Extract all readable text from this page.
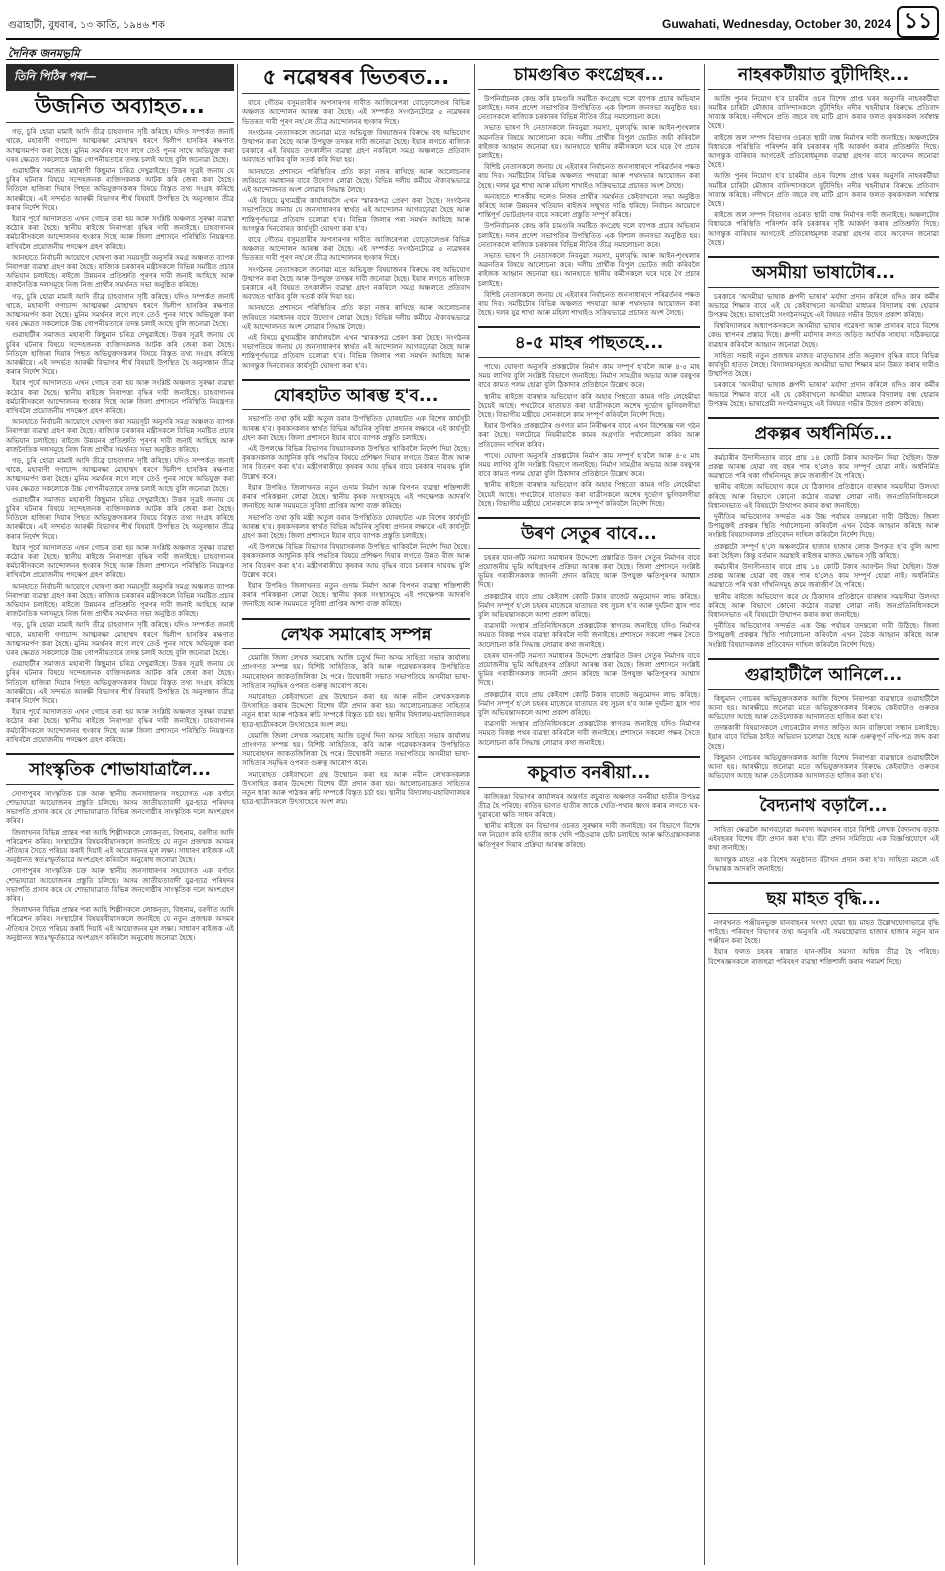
গুৱাহাটী, বুধবাৰ, ১৩ কাতি, ১৯৪৬ শক	Guwahati, Wednesday, October 30, 2024 ১১
দৈনিক জনমভূমি
তিনি পিঠিৰ পৰা—
উজনিত অব্যাহত...

গড়, চুৰি হোৱা মামাই আদি তীব্ৰ চাহবাগান সৃষ্টি কৰিছে। যদিও সম্পৰ্কত জনাই থাকে, মহাৰাণী গণাচান্দ আত্মৰক্ষা মোহাম্মদ ধৰণে দ্বিলীপ হাসকিৰ ৰক্ষণাত আত্মসমৰ্পণ কৰা হৈছে। মুনিম সমৰ্থনৰ লগে লগে তেওঁ পুনৰ সাথে অভিযুক্ত কৰা ঘৰৰ ক্ষেত্ৰত সকলোকে উচ্চ গোপনীয়তাৰে তদন্ত চলাই আছে বুলি জনোৱা হৈছে।

গুৱাহাটীৰ সমাজত মহাৰাণী কিছুমান চৰিত্ৰ দেখুৱাইছে। উত্তৰ সূত্ৰই জনায় যে চুৰিৰ ঘটনাৰ বিষয়ে সন্দেহজনক ব্যক্তিসকলক আটক কৰি জেৰা কৰা হৈছে। নিতিলে হাজিৰা দিয়াৰ পিছত অভিযুক্তসকলৰ বিষয়ে বিস্তৃত তথ্য সংগ্ৰহ কৰিছে আৰক্ষীয়ে। এই সন্দৰ্ভত আৰক্ষী বিভাগৰ শীৰ্ষ বিষয়াই উপস্থিত হৈ অনুসন্ধান তীব্ৰ কৰাৰ নিৰ্দেশ দিয়ে।

ইয়াৰ পূৰ্বে আদালতত এখন গোচৰ তৰা হয় আৰু সংশ্লিষ্ট অঞ্চলত সুৰক্ষা ব্যৱস্থা কঠোৰ কৰা হৈছে। স্থানীয় ৰাইজে নিৰাপত্তা বৃদ্ধিৰ দাবী জনাইছে। চাহবাগানৰ কৰ্মচাৰীসকলে আন্দোলনৰ হুংকাৰ দিছে আৰু জিলা প্ৰশাসনে পৰিস্থিতি নিয়ন্ত্ৰণত ৰাখিবলৈ প্ৰয়োজনীয় পদক্ষেপ গ্ৰহণ কৰিছে।

আনহাতে নিৰ্বাচনী আয়োগে ঘোষণা কৰা সময়সূচী অনুসৰি সমগ্ৰ অঞ্চলত ব্যাপক নিৰাপত্তা ব্যৱস্থা গ্ৰহণ কৰা হৈছে। ৰাজ্যিক চৰকাৰৰ মন্ত্ৰীসকলে বিভিন্ন সমষ্টিত প্ৰচাৰ অভিযান চলাইছে। ৰাইজে উন্নয়নৰ প্ৰতিশ্ৰুতি পূৰণৰ দাবী জনাই আহিছে আৰু ৰাজনৈতিক দলসমূহে নিজ নিজ প্ৰাৰ্থীৰ সমৰ্থনত সভা অনুষ্ঠিত কৰিছে।

গড়, চুৰি হোৱা মামাই আদি তীব্ৰ চাহবাগান সৃষ্টি কৰিছে। যদিও সম্পৰ্কত জনাই থাকে, মহাৰাণী গণাচান্দ আত্মৰক্ষা মোহাম্মদ ধৰণে দ্বিলীপ হাসকিৰ ৰক্ষণাত আত্মসমৰ্পণ কৰা হৈছে। মুনিম সমৰ্থনৰ লগে লগে তেওঁ পুনৰ সাথে অভিযুক্ত কৰা ঘৰৰ ক্ষেত্ৰত সকলোকে উচ্চ গোপনীয়তাৰে তদন্ত চলাই আছে বুলি জনোৱা হৈছে।

গুৱাহাটীৰ সমাজত মহাৰাণী কিছুমান চৰিত্ৰ দেখুৱাইছে। উত্তৰ সূত্ৰই জনায় যে চুৰিৰ ঘটনাৰ বিষয়ে সন্দেহজনক ব্যক্তিসকলক আটক কৰি জেৰা কৰা হৈছে। নিতিলে হাজিৰা দিয়াৰ পিছত অভিযুক্তসকলৰ বিষয়ে বিস্তৃত তথ্য সংগ্ৰহ কৰিছে আৰক্ষীয়ে। এই সন্দৰ্ভত আৰক্ষী বিভাগৰ শীৰ্ষ বিষয়াই উপস্থিত হৈ অনুসন্ধান তীব্ৰ কৰাৰ নিৰ্দেশ দিয়ে।

ইয়াৰ পূৰ্বে আদালতত এখন গোচৰ তৰা হয় আৰু সংশ্লিষ্ট অঞ্চলত সুৰক্ষা ব্যৱস্থা কঠোৰ কৰা হৈছে। স্থানীয় ৰাইজে নিৰাপত্তা বৃদ্ধিৰ দাবী জনাইছে। চাহবাগানৰ কৰ্মচাৰীসকলে আন্দোলনৰ হুংকাৰ দিছে আৰু জিলা প্ৰশাসনে পৰিস্থিতি নিয়ন্ত্ৰণত ৰাখিবলৈ প্ৰয়োজনীয় পদক্ষেপ গ্ৰহণ কৰিছে।

আনহাতে নিৰ্বাচনী আয়োগে ঘোষণা কৰা সময়সূচী অনুসৰি সমগ্ৰ অঞ্চলত ব্যাপক নিৰাপত্তা ব্যৱস্থা গ্ৰহণ কৰা হৈছে। ৰাজ্যিক চৰকাৰৰ মন্ত্ৰীসকলে বিভিন্ন সমষ্টিত প্ৰচাৰ অভিযান চলাইছে। ৰাইজে উন্নয়নৰ প্ৰতিশ্ৰুতি পূৰণৰ দাবী জনাই আহিছে আৰু ৰাজনৈতিক দলসমূহে নিজ নিজ প্ৰাৰ্থীৰ সমৰ্থনত সভা অনুষ্ঠিত কৰিছে।

গড়, চুৰি হোৱা মামাই আদি তীব্ৰ চাহবাগান সৃষ্টি কৰিছে। যদিও সম্পৰ্কত জনাই থাকে, মহাৰাণী গণাচান্দ আত্মৰক্ষা মোহাম্মদ ধৰণে দ্বিলীপ হাসকিৰ ৰক্ষণাত আত্মসমৰ্পণ কৰা হৈছে। মুনিম সমৰ্থনৰ লগে লগে তেওঁ পুনৰ সাথে অভিযুক্ত কৰা ঘৰৰ ক্ষেত্ৰত সকলোকে উচ্চ গোপনীয়তাৰে তদন্ত চলাই আছে বুলি জনোৱা হৈছে।

গুৱাহাটীৰ সমাজত মহাৰাণী কিছুমান চৰিত্ৰ দেখুৱাইছে। উত্তৰ সূত্ৰই জনায় যে চুৰিৰ ঘটনাৰ বিষয়ে সন্দেহজনক ব্যক্তিসকলক আটক কৰি জেৰা কৰা হৈছে। নিতিলে হাজিৰা দিয়াৰ পিছত অভিযুক্তসকলৰ বিষয়ে বিস্তৃত তথ্য সংগ্ৰহ কৰিছে আৰক্ষীয়ে। এই সন্দৰ্ভত আৰক্ষী বিভাগৰ শীৰ্ষ বিষয়াই উপস্থিত হৈ অনুসন্ধান তীব্ৰ কৰাৰ নিৰ্দেশ দিয়ে।

ইয়াৰ পূৰ্বে আদালতত এখন গোচৰ তৰা হয় আৰু সংশ্লিষ্ট অঞ্চলত সুৰক্ষা ব্যৱস্থা কঠোৰ কৰা হৈছে। স্থানীয় ৰাইজে নিৰাপত্তা বৃদ্ধিৰ দাবী জনাইছে। চাহবাগানৰ কৰ্মচাৰীসকলে আন্দোলনৰ হুংকাৰ দিছে আৰু জিলা প্ৰশাসনে পৰিস্থিতি নিয়ন্ত্ৰণত ৰাখিবলৈ প্ৰয়োজনীয় পদক্ষেপ গ্ৰহণ কৰিছে।

আনহাতে নিৰ্বাচনী আয়োগে ঘোষণা কৰা সময়সূচী অনুসৰি সমগ্ৰ অঞ্চলত ব্যাপক নিৰাপত্তা ব্যৱস্থা গ্ৰহণ কৰা হৈছে। ৰাজ্যিক চৰকাৰৰ মন্ত্ৰীসকলে বিভিন্ন সমষ্টিত প্ৰচাৰ অভিযান চলাইছে। ৰাইজে উন্নয়নৰ প্ৰতিশ্ৰুতি পূৰণৰ দাবী জনাই আহিছে আৰু ৰাজনৈতিক দলসমূহে নিজ নিজ প্ৰাৰ্থীৰ সমৰ্থনত সভা অনুষ্ঠিত কৰিছে।

গড়, চুৰি হোৱা মামাই আদি তীব্ৰ চাহবাগান সৃষ্টি কৰিছে। যদিও সম্পৰ্কত জনাই থাকে, মহাৰাণী গণাচান্দ আত্মৰক্ষা মোহাম্মদ ধৰণে দ্বিলীপ হাসকিৰ ৰক্ষণাত আত্মসমৰ্পণ কৰা হৈছে। মুনিম সমৰ্থনৰ লগে লগে তেওঁ পুনৰ সাথে অভিযুক্ত কৰা ঘৰৰ ক্ষেত্ৰত সকলোকে উচ্চ গোপনীয়তাৰে তদন্ত চলাই আছে বুলি জনোৱা হৈছে।

গুৱাহাটীৰ সমাজত মহাৰাণী কিছুমান চৰিত্ৰ দেখুৱাইছে। উত্তৰ সূত্ৰই জনায় যে চুৰিৰ ঘটনাৰ বিষয়ে সন্দেহজনক ব্যক্তিসকলক আটক কৰি জেৰা কৰা হৈছে। নিতিলে হাজিৰা দিয়াৰ পিছত অভিযুক্তসকলৰ বিষয়ে বিস্তৃত তথ্য সংগ্ৰহ কৰিছে আৰক্ষীয়ে। এই সন্দৰ্ভত আৰক্ষী বিভাগৰ শীৰ্ষ বিষয়াই উপস্থিত হৈ অনুসন্ধান তীব্ৰ কৰাৰ নিৰ্দেশ দিয়ে।

ইয়াৰ পূৰ্বে আদালতত এখন গোচৰ তৰা হয় আৰু সংশ্লিষ্ট অঞ্চলত সুৰক্ষা ব্যৱস্থা কঠোৰ কৰা হৈছে। স্থানীয় ৰাইজে নিৰাপত্তা বৃদ্ধিৰ দাবী জনাইছে। চাহবাগানৰ কৰ্মচাৰীসকলে আন্দোলনৰ হুংকাৰ দিছে আৰু জিলা প্ৰশাসনে পৰিস্থিতি নিয়ন্ত্ৰণত ৰাখিবলৈ প্ৰয়োজনীয় পদক্ষেপ গ্ৰহণ কৰিছে।

সাংস্কৃতিক শোভাযাত্ৰালৈ...

সোণাপুৰৰ সাংস্কৃতিক চক্ৰ আৰু স্থানীয় জনসাধাৰণৰ সহযোগত এক বৰ্ণাঢ্য শোভাযাত্ৰা আয়োজনৰ প্ৰস্তুতি চলিছে। অসম জাতীয়তাবাদী যুৱ-ছাত্ৰ পৰিষদৰ সভাপতি প্ৰসাৰ কৰে যে শোভাযাত্ৰাত বিভিন্ন জনগোষ্ঠীৰ সাংস্কৃতিক দলে অংশগ্ৰহণ কৰিব।

জিলাখনৰ বিভিন্ন প্ৰান্তৰ পৰা আহি শিল্পীসকলে লোকনৃত্য, বিহুনাম, বৰগীত আদি পৰিৱেশন কৰিব। সংস্থাটোৰ বিষয়ববীয়াসকলে জনাইছে যে নতুন প্ৰজন্মক অসমৰ ঐতিহ্যৰ সৈতে পৰিচয় কৰাই দিয়াই এই আয়োজনৰ মূল লক্ষ্য। সাধাৰণ ৰাইজক এই অনুষ্ঠানত স্বতঃস্ফূৰ্তভাৱে অংশগ্ৰহণ কৰিবলৈ অনুৰোধ জনোৱা হৈছে।

সোণাপুৰৰ সাংস্কৃতিক চক্ৰ আৰু স্থানীয় জনসাধাৰণৰ সহযোগত এক বৰ্ণাঢ্য শোভাযাত্ৰা আয়োজনৰ প্ৰস্তুতি চলিছে। অসম জাতীয়তাবাদী যুৱ-ছাত্ৰ পৰিষদৰ সভাপতি প্ৰসাৰ কৰে যে শোভাযাত্ৰাত বিভিন্ন জনগোষ্ঠীৰ সাংস্কৃতিক দলে অংশগ্ৰহণ কৰিব।

জিলাখনৰ বিভিন্ন প্ৰান্তৰ পৰা আহি শিল্পীসকলে লোকনৃত্য, বিহুনাম, বৰগীত আদি পৰিৱেশন কৰিব। সংস্থাটোৰ বিষয়ববীয়াসকলে জনাইছে যে নতুন প্ৰজন্মক অসমৰ ঐতিহ্যৰ সৈতে পৰিচয় কৰাই দিয়াই এই আয়োজনৰ মূল লক্ষ্য। সাধাৰণ ৰাইজক এই অনুষ্ঠানত স্বতঃস্ফূৰ্তভাৱে অংশগ্ৰহণ কৰিবলৈ অনুৰোধ জনোৱা হৈছে।

৫ নৱেম্বৰৰ ভিতৰত...

বাবে গৌতম বসুমতাৰীৰ অপসাৰণৰ দাবীত আজিৰেপৰা বোড়োলেণ্ডৰ বিভিন্ন অঞ্চলত আন্দোলন আৰম্ভ কৰা হৈছে। এই সম্পৰ্কত সংগঠনটোৱে ৫ নৱেম্বৰৰ ভিতৰত দাবী পূৰণ নহ'লে তীব্ৰ আন্দোলনৰ হুংকাৰ দিছে।

সংগঠনৰ নেতাসকলে জনোৱা মতে অভিযুক্ত বিষয়াজনৰ বিৰুদ্ধে বহু অভিযোগ উত্থাপন কৰা হৈছে আৰু উপযুক্ত তদন্তৰ দাবী জনোৱা হৈছে। ইয়াৰ লগতে ৰাজ্যিক চৰকাৰে এই বিষয়ত তৎকালীন ব্যৱস্থা গ্ৰহণ নকৰিলে সমগ্ৰ অঞ্চলতে প্ৰতিবাদ অব্যাহত থাকিব বুলি সতৰ্ক কৰি দিয়া হয়।

আনহাতে প্ৰশাসনে পৰিস্থিতিৰ প্ৰতি কড়া নজৰ ৰাখিছে আৰু আলোচনাৰ জৰিয়তে সমাধানৰ বাবে উদ্যোগ লোৱা হৈছে। বিভিন্ন দলীয় কৰ্মীয়ে ঐক্যবদ্ধভাৱে এই আন্দোলনত অংশ লোৱাৰ সিদ্ধান্ত লৈছে।

এই বিষয়ে মুখ্যমন্ত্ৰীৰ কাৰ্যালয়লৈ এখন স্মাৰকপত্ৰ প্ৰেৰণ কৰা হৈছে। সংগঠনৰ সভাপতিয়ে জনায় যে জনসাধাৰণৰ স্বাৰ্থত এই আন্দোলন আগবঢ়োৱা হৈছে আৰু শান্তিপূৰ্ণভাৱে প্ৰতিবাদ চলোৱা হ'ব। বিভিন্ন জিলাৰ পৰা সমৰ্থন আহিছে আৰু আগন্তুক দিনবোৰত কাৰ্যসূচী ঘোষণা কৰা হ'ব।

বাবে গৌতম বসুমতাৰীৰ অপসাৰণৰ দাবীত আজিৰেপৰা বোড়োলেণ্ডৰ বিভিন্ন অঞ্চলত আন্দোলন আৰম্ভ কৰা হৈছে। এই সম্পৰ্কত সংগঠনটোৱে ৫ নৱেম্বৰৰ ভিতৰত দাবী পূৰণ নহ'লে তীব্ৰ আন্দোলনৰ হুংকাৰ দিছে।

সংগঠনৰ নেতাসকলে জনোৱা মতে অভিযুক্ত বিষয়াজনৰ বিৰুদ্ধে বহু অভিযোগ উত্থাপন কৰা হৈছে আৰু উপযুক্ত তদন্তৰ দাবী জনোৱা হৈছে। ইয়াৰ লগতে ৰাজ্যিক চৰকাৰে এই বিষয়ত তৎকালীন ব্যৱস্থা গ্ৰহণ নকৰিলে সমগ্ৰ অঞ্চলতে প্ৰতিবাদ অব্যাহত থাকিব বুলি সতৰ্ক কৰি দিয়া হয়।

আনহাতে প্ৰশাসনে পৰিস্থিতিৰ প্ৰতি কড়া নজৰ ৰাখিছে আৰু আলোচনাৰ জৰিয়তে সমাধানৰ বাবে উদ্যোগ লোৱা হৈছে। বিভিন্ন দলীয় কৰ্মীয়ে ঐক্যবদ্ধভাৱে এই আন্দোলনত অংশ লোৱাৰ সিদ্ধান্ত লৈছে।

এই বিষয়ে মুখ্যমন্ত্ৰীৰ কাৰ্যালয়লৈ এখন স্মাৰকপত্ৰ প্ৰেৰণ কৰা হৈছে। সংগঠনৰ সভাপতিয়ে জনায় যে জনসাধাৰণৰ স্বাৰ্থত এই আন্দোলন আগবঢ়োৱা হৈছে আৰু শান্তিপূৰ্ণভাৱে প্ৰতিবাদ চলোৱা হ'ব। বিভিন্ন জিলাৰ পৰা সমৰ্থন আহিছে আৰু আগন্তুক দিনবোৰত কাৰ্যসূচী ঘোষণা কৰা হ'ব।

যোৰহাটত আৰম্ভ হ'ব...

সভাপতি তথা কৃষি মন্ত্ৰী অতুল বৰাৰ উপস্থিতিত যোৰহাটত এক বিশেষ কাৰ্যসূচী আৰম্ভ হ'ব। কৃষকসকলৰ স্বাৰ্থত বিভিন্ন আঁচনিৰ সুবিধা প্ৰদানৰ লক্ষ্যৰে এই কাৰ্যসূচী গ্ৰহণ কৰা হৈছে। জিলা প্ৰশাসনে ইয়াৰ বাবে ব্যাপক প্ৰস্তুতি চলাইছে।

এই উপলক্ষে বিভিন্ন বিভাগৰ বিষয়াসকলক উপস্থিত থাকিবলৈ নিৰ্দেশ দিয়া হৈছে। কৃষকসকলক আধুনিক কৃষি পদ্ধতিৰ বিষয়ে প্ৰশিক্ষণ দিয়াৰ লগতে উন্নত বীজ আৰু সাৰ বিতৰণ কৰা হ'ব। মন্ত্ৰীগৰাকীয়ে কৃষকৰ আয় বৃদ্ধিৰ বাবে চৰকাৰ দায়বদ্ধ বুলি উল্লেখ কৰে।

ইয়াৰ উপৰিও জিলাখনত নতুন গুদাম নিৰ্মাণ আৰু বিপণন ব্যৱস্থা শক্তিশালী কৰাৰ পৰিকল্পনা লোৱা হৈছে। স্থানীয় কৃষক সংস্থাসমূহে এই পদক্ষেপক আদৰণি জনাইছে আৰু সময়মতে সুবিধা প্ৰাপ্তিৰ আশা ব্যক্ত কৰিছে।

সভাপতি তথা কৃষি মন্ত্ৰী অতুল বৰাৰ উপস্থিতিত যোৰহাটত এক বিশেষ কাৰ্যসূচী আৰম্ভ হ'ব। কৃষকসকলৰ স্বাৰ্থত বিভিন্ন আঁচনিৰ সুবিধা প্ৰদানৰ লক্ষ্যৰে এই কাৰ্যসূচী গ্ৰহণ কৰা হৈছে। জিলা প্ৰশাসনে ইয়াৰ বাবে ব্যাপক প্ৰস্তুতি চলাইছে।

এই উপলক্ষে বিভিন্ন বিভাগৰ বিষয়াসকলক উপস্থিত থাকিবলৈ নিৰ্দেশ দিয়া হৈছে। কৃষকসকলক আধুনিক কৃষি পদ্ধতিৰ বিষয়ে প্ৰশিক্ষণ দিয়াৰ লগতে উন্নত বীজ আৰু সাৰ বিতৰণ কৰা হ'ব। মন্ত্ৰীগৰাকীয়ে কৃষকৰ আয় বৃদ্ধিৰ বাবে চৰকাৰ দায়বদ্ধ বুলি উল্লেখ কৰে।

ইয়াৰ উপৰিও জিলাখনত নতুন গুদাম নিৰ্মাণ আৰু বিপণন ব্যৱস্থা শক্তিশালী কৰাৰ পৰিকল্পনা লোৱা হৈছে। স্থানীয় কৃষক সংস্থাসমূহে এই পদক্ষেপক আদৰণি জনাইছে আৰু সময়মতে সুবিধা প্ৰাপ্তিৰ আশা ব্যক্ত কৰিছে।

লেখক সমাৰোহ সম্পন্ন

যেমাজি জিলা লেখক সমাৰোহ আজি চতুৰ্থ দিনা অসম সাহিত্য সভাৰ কাৰ্যালয় প্ৰাংগণত সম্পন্ন হয়। বিশিষ্ট সাহিত্যিক, কবি আৰু গৱেষকসকলৰ উপস্থিতিত সমাৰোহখন জাকতজিলিকা হৈ পৰে। উদ্বোধনী সভাত সভাপতিয়ে অসমীয়া ভাষা-সাহিত্যৰ সমৃদ্ধিৰ ওপৰত গুৰুত্ব আৰোপ কৰে।

সমাৰোহত কেইবাখনো গ্ৰন্থ উন্মোচন কৰা হয় আৰু নবীন লেখকসকলক উৎসাহিত কৰাৰ উদ্দেশ্যে বিশেষ বঁটা প্ৰদান কৰা হয়। আলোচনাচক্ৰত সাহিত্যৰ নতুন ধাৰা আৰু পাঠকৰ ৰুচি সম্পৰ্কে বিস্তৃত চৰ্চা হয়। স্থানীয় বিদ্যালয়-মহাবিদ্যালয়ৰ ছাত্ৰ-ছাত্ৰীসকলে উৎসাহেৰে অংশ লয়।

যেমাজি জিলা লেখক সমাৰোহ আজি চতুৰ্থ দিনা অসম সাহিত্য সভাৰ কাৰ্যালয় প্ৰাংগণত সম্পন্ন হয়। বিশিষ্ট সাহিত্যিক, কবি আৰু গৱেষকসকলৰ উপস্থিতিত সমাৰোহখন জাকতজিলিকা হৈ পৰে। উদ্বোধনী সভাত সভাপতিয়ে অসমীয়া ভাষা-সাহিত্যৰ সমৃদ্ধিৰ ওপৰত গুৰুত্ব আৰোপ কৰে।

সমাৰোহত কেইবাখনো গ্ৰন্থ উন্মোচন কৰা হয় আৰু নবীন লেখকসকলক উৎসাহিত কৰাৰ উদ্দেশ্যে বিশেষ বঁটা প্ৰদান কৰা হয়। আলোচনাচক্ৰত সাহিত্যৰ নতুন ধাৰা আৰু পাঠকৰ ৰুচি সম্পৰ্কে বিস্তৃত চৰ্চা হয়। স্থানীয় বিদ্যালয়-মহাবিদ্যালয়ৰ ছাত্ৰ-ছাত্ৰীসকলে উৎসাহেৰে অংশ লয়।

চামগুৰিত কংগ্ৰেছৰ...

উপনিৰ্বাচনক কেন্দ্ৰ কৰি চামগুৰি সমষ্টিত কংগ্ৰেছ দলে ব্যাপক প্ৰচাৰ অভিযান চলাইছে। দলৰ প্ৰদেশ সভাপতিৰ উপস্থিতিত এক বিশাল জনসভা অনুষ্ঠিত হয়। নেতাসকলে ৰাজ্যিক চৰকাৰৰ বিভিন্ন নীতিৰ তীব্ৰ সমালোচনা কৰে।

সভাত ভাষণ দি নেতাসকলে নিবনুৱা সমস্যা, মূল্যবৃদ্ধি আৰু আইন-শৃংখলাৰ অৱনতিৰ বিষয়ে আলোচনা কৰে। দলীয় প্ৰাৰ্থীক বিপুল ভোটত জয়ী কৰিবলৈ ৰাইজক আহ্বান জনোৱা হয়। আনহাতে স্থানীয় কৰ্মীসকলে ঘৰে ঘৰে গৈ প্ৰচাৰ চলাইছে।

বিশিষ্ট নেতাসকলে জনায় যে এইবাৰৰ নিৰ্বাচনত জনসাধাৰণে পৰিৱৰ্তনৰ পক্ষত ৰায় দিব। সমষ্টিটোৰ বিভিন্ন অঞ্চলত পদযাত্ৰা আৰু পথসভাৰ আয়োজন কৰা হৈছে। দলৰ যুৱ শাখা আৰু মহিলা শাখাইও সক্ৰিয়ভাৱে প্ৰচাৰত অংশ লৈছে।

অন্যহাতে শাসকীয় দলেও নিজৰ প্ৰাৰ্থীৰ সমৰ্থনত কেইবাখনো সভা অনুষ্ঠিত কৰিছে আৰু উন্নয়নৰ খতিয়ান ৰাইজৰ সন্মুখত দাঙি ধৰিছে। নিৰ্বাচন আয়োগে শান্তিপূৰ্ণ ভোটগ্ৰহণৰ বাবে সকলো প্ৰস্তুতি সম্পূৰ্ণ কৰিছে।

উপনিৰ্বাচনক কেন্দ্ৰ কৰি চামগুৰি সমষ্টিত কংগ্ৰেছ দলে ব্যাপক প্ৰচাৰ অভিযান চলাইছে। দলৰ প্ৰদেশ সভাপতিৰ উপস্থিতিত এক বিশাল জনসভা অনুষ্ঠিত হয়। নেতাসকলে ৰাজ্যিক চৰকাৰৰ বিভিন্ন নীতিৰ তীব্ৰ সমালোচনা কৰে।

সভাত ভাষণ দি নেতাসকলে নিবনুৱা সমস্যা, মূল্যবৃদ্ধি আৰু আইন-শৃংখলাৰ অৱনতিৰ বিষয়ে আলোচনা কৰে। দলীয় প্ৰাৰ্থীক বিপুল ভোটত জয়ী কৰিবলৈ ৰাইজক আহ্বান জনোৱা হয়। আনহাতে স্থানীয় কৰ্মীসকলে ঘৰে ঘৰে গৈ প্ৰচাৰ চলাইছে।

বিশিষ্ট নেতাসকলে জনায় যে এইবাৰৰ নিৰ্বাচনত জনসাধাৰণে পৰিৱৰ্তনৰ পক্ষত ৰায় দিব। সমষ্টিটোৰ বিভিন্ন অঞ্চলত পদযাত্ৰা আৰু পথসভাৰ আয়োজন কৰা হৈছে। দলৰ যুৱ শাখা আৰু মহিলা শাখাইও সক্ৰিয়ভাৱে প্ৰচাৰত অংশ লৈছে।

৪-৫ মাহৰ পাছতহে...

পাথে। ঘোষণা অনুসৰি প্ৰকল্পটোৰ নিৰ্মাণ কাম সম্পূৰ্ণ হ'বলৈ আৰু ৪-৫ মাহ সময় লাগিব বুলি সংশ্লিষ্ট বিভাগে জনাইছে। নিৰ্মাণ সামগ্ৰীৰ অভাৱ আৰু বৰষুণৰ বাবে কামত পলম হোৱা বুলি ঠিকাদাৰ প্ৰতিষ্ঠানে উল্লেখ কৰে।

স্থানীয় ৰাইজে বাৰম্বাৰ অভিযোগ কৰি অহাৰ পিছতো কামৰ গতি লেহেমীয়া হৈয়েই আছে। পথটোৰে যাতায়ত কৰা যাত্ৰীসকলে অশেষ দুৰ্ভোগ ভুগিবলগীয়া হৈছে। বিভাগীয় মন্ত্ৰীয়ে সোনকালে কাম সম্পূৰ্ণ কৰিবলৈ নিৰ্দেশ দিছে।

ইয়াৰ উপৰিও প্ৰকল্পটোৰ গুণগত মান নিৰীক্ষণৰ বাবে এখন বিশেষজ্ঞ দল গঠন কৰা হৈছে। দলটোৱে নিয়মীয়াকৈ কামৰ অগ্ৰগতি পৰ্যালোচনা কৰিব আৰু প্ৰতিবেদন দাখিল কৰিব।

পাথে। ঘোষণা অনুসৰি প্ৰকল্পটোৰ নিৰ্মাণ কাম সম্পূৰ্ণ হ'বলৈ আৰু ৪-৫ মাহ সময় লাগিব বুলি সংশ্লিষ্ট বিভাগে জনাইছে। নিৰ্মাণ সামগ্ৰীৰ অভাৱ আৰু বৰষুণৰ বাবে কামত পলম হোৱা বুলি ঠিকাদাৰ প্ৰতিষ্ঠানে উল্লেখ কৰে।

স্থানীয় ৰাইজে বাৰম্বাৰ অভিযোগ কৰি অহাৰ পিছতো কামৰ গতি লেহেমীয়া হৈয়েই আছে। পথটোৰে যাতায়ত কৰা যাত্ৰীসকলে অশেষ দুৰ্ভোগ ভুগিবলগীয়া হৈছে। বিভাগীয় মন্ত্ৰীয়ে সোনকালে কাম সম্পূৰ্ণ কৰিবলৈ নিৰ্দেশ দিছে।

উৰণ সেতুৰ বাবে...

চহৰৰ যান-জঁট সমস্যা সমাধানৰ উদ্দেশ্যে প্ৰস্তাৱিত উৰণ সেতুৰ নিৰ্মাণৰ বাবে প্ৰয়োজনীয় ভূমি অধিগ্ৰহণৰ প্ৰক্ৰিয়া আৰম্ভ কৰা হৈছে। জিলা প্ৰশাসনে সংশ্লিষ্ট ভূমিৰ গৰাকীসকলক জাননী প্ৰদান কৰিছে আৰু উপযুক্ত ক্ষতিপূৰণৰ আশ্বাস দিছে।

প্ৰকল্পটোৰ বাবে প্ৰায় কেইবাশ কোটি টকাৰ বাজেট অনুমোদন লাভ কৰিছে। নিৰ্মাণ সম্পূৰ্ণ হ'লে চহৰৰ মাজেৰে যাতায়ত বহু সুচল হ'ব আৰু দুৰ্ঘটনা হ্ৰাস পাব বুলি অভিযন্তাসকলে আশা প্ৰকাশ কৰিছে।

ব্যৱসায়ী সংস্থাৰ প্ৰতিনিধিসকলে প্ৰকল্পটোক স্বাগতম জনাইছে যদিও নিৰ্মাণৰ সময়ত বিকল্প পথৰ ব্যৱস্থা কৰিবলৈ দাবী জনাইছে। প্ৰশাসনে সকলো পক্ষৰ সৈতে আলোচনা কৰি সিদ্ধান্ত লোৱাৰ কথা জনাইছে।

চহৰৰ যান-জঁট সমস্যা সমাধানৰ উদ্দেশ্যে প্ৰস্তাৱিত উৰণ সেতুৰ নিৰ্মাণৰ বাবে প্ৰয়োজনীয় ভূমি অধিগ্ৰহণৰ প্ৰক্ৰিয়া আৰম্ভ কৰা হৈছে। জিলা প্ৰশাসনে সংশ্লিষ্ট ভূমিৰ গৰাকীসকলক জাননী প্ৰদান কৰিছে আৰু উপযুক্ত ক্ষতিপূৰণৰ আশ্বাস দিছে।

প্ৰকল্পটোৰ বাবে প্ৰায় কেইবাশ কোটি টকাৰ বাজেট অনুমোদন লাভ কৰিছে। নিৰ্মাণ সম্পূৰ্ণ হ'লে চহৰৰ মাজেৰে যাতায়ত বহু সুচল হ'ব আৰু দুৰ্ঘটনা হ্ৰাস পাব বুলি অভিযন্তাসকলে আশা প্ৰকাশ কৰিছে।

ব্যৱসায়ী সংস্থাৰ প্ৰতিনিধিসকলে প্ৰকল্পটোক স্বাগতম জনাইছে যদিও নিৰ্মাণৰ সময়ত বিকল্প পথৰ ব্যৱস্থা কৰিবলৈ দাবী জনাইছে। প্ৰশাসনে সকলো পক্ষৰ সৈতে আলোচনা কৰি সিদ্ধান্ত লোৱাৰ কথা জনাইছে।

কচুবাত বনৰীয়া...

কাজিৰঙা বিভাগৰ কাৰ্যালয়ৰ অন্তৰ্গত কচুবাত অঞ্চলত বনৰীয়া হাতীৰ উপদ্ৰৱ তীব্ৰ হৈ পৰিছে। ৰাতিৰ ভাগত হাতীৰ জাকে খেতি-পথাৰ ধ্বংস কৰাৰ লগতে ঘৰ-দুৱাৰৰো ক্ষতি সাধন কৰিছে।

স্থানীয় ৰাইজে বন বিভাগৰ ওচৰত সুৰক্ষাৰ দাবী জনাইছে। বন বিভাগে বিশেষ দল নিয়োগ কৰি হাতীৰ জাক খেদি পঠিওৱাৰ চেষ্টা চলাইছে আৰু ক্ষতিগ্ৰস্তসকলক ক্ষতিপূৰণ দিয়াৰ প্ৰক্ৰিয়া আৰম্ভ কৰিছে।

নাহৰকটীয়াত বুঢ়ীদিহিং...

আজি পুনৰ নিয়োগ হ'ব চাৰমীৰ ওচৰ বিশেষ প্ৰাপ্ত ঘৰৰ অনুসৰি নাহৰকটীয়া সমষ্টিৰ চাৰিটা মৌজাৰ বাসিন্দাসকলে বুঢ়ীদিহিং নদীৰ খহনীয়াৰ বিৰুদ্ধে প্ৰতিবাদ সাব্যস্ত কৰিছে। নদীখনে প্ৰতি বছৰে বহু মাটি গ্ৰাস কৰাৰ ফলত কৃষকসকল সৰ্বস্বান্ত হৈছে।

ৰাইজে জল সম্পদ বিভাগৰ ওচৰত স্থায়ী বান্ধ নিৰ্মাণৰ দাবী জনাইছে। অঞ্চলটোৰ বিধায়কে পৰিস্থিতি পৰিদৰ্শন কৰি চৰকাৰৰ দৃষ্টি আকৰ্ষণ কৰাৰ প্ৰতিশ্ৰুতি দিছে। আগন্তুক বাৰিষাৰ আগতেই প্ৰতিৰোধমূলক ব্যৱস্থা গ্ৰহণৰ বাবে আবেদন জনোৱা হৈছে।

আজি পুনৰ নিয়োগ হ'ব চাৰমীৰ ওচৰ বিশেষ প্ৰাপ্ত ঘৰৰ অনুসৰি নাহৰকটীয়া সমষ্টিৰ চাৰিটা মৌজাৰ বাসিন্দাসকলে বুঢ়ীদিহিং নদীৰ খহনীয়াৰ বিৰুদ্ধে প্ৰতিবাদ সাব্যস্ত কৰিছে। নদীখনে প্ৰতি বছৰে বহু মাটি গ্ৰাস কৰাৰ ফলত কৃষকসকল সৰ্বস্বান্ত হৈছে।

ৰাইজে জল সম্পদ বিভাগৰ ওচৰত স্থায়ী বান্ধ নিৰ্মাণৰ দাবী জনাইছে। অঞ্চলটোৰ বিধায়কে পৰিস্থিতি পৰিদৰ্শন কৰি চৰকাৰৰ দৃষ্টি আকৰ্ষণ কৰাৰ প্ৰতিশ্ৰুতি দিছে। আগন্তুক বাৰিষাৰ আগতেই প্ৰতিৰোধমূলক ব্যৱস্থা গ্ৰহণৰ বাবে আবেদন জনোৱা হৈছে।

অসমীয়া ভাষাটোৰ...

চৰকাৰে 'অসমীয়া ভাষাক ধ্ৰুপদী ভাষাৰ' মৰ্যাদা প্ৰদান কৰিলে যদিও কাৰ কৰ্মীৰ অভাৱে শিক্ষাৰ বাবে এই যে কেইবাখনো অসমীয়া মাধ্যমৰ বিদ্যালয় বন্ধ হোৱাৰ উপক্ৰম হৈছে। ভাষাপ্ৰেমী সংগঠনসমূহে এই বিষয়ত গভীৰ উদ্বেগ প্ৰকাশ কৰিছে।

বিশ্ববিদ্যালয়ৰ অধ্যাপকসকলে অসমীয়া ভাষাৰ গৱেষণা আৰু প্ৰসাৰৰ বাবে বিশেষ কেন্দ্ৰ স্থাপনৰ প্ৰস্তাৱ দিছে। ধ্ৰুপদী মৰ্যাদাৰ লগত জড়িত আৰ্থিক সাহায্য সঠিকভাৱে ব্যৱহাৰ কৰিবলৈ আহ্বান জনোৱা হৈছে।

সাহিত্য সভাই নতুন প্ৰজন্মৰ মাজত মাতৃভাষাৰ প্ৰতি অনুৰাগ বৃদ্ধিৰ বাবে বিভিন্ন কাৰ্যসূচী হাতত লৈছে। বিদ্যালয়সমূহত অসমীয়া ভাষা শিক্ষাৰ মান উন্নত কৰাৰ দাবীও উত্থাপিত হৈছে।

চৰকাৰে 'অসমীয়া ভাষাক ধ্ৰুপদী ভাষাৰ' মৰ্যাদা প্ৰদান কৰিলে যদিও কাৰ কৰ্মীৰ অভাৱে শিক্ষাৰ বাবে এই যে কেইবাখনো অসমীয়া মাধ্যমৰ বিদ্যালয় বন্ধ হোৱাৰ উপক্ৰম হৈছে। ভাষাপ্ৰেমী সংগঠনসমূহে এই বিষয়ত গভীৰ উদ্বেগ প্ৰকাশ কৰিছে।

প্ৰকল্পৰ অৰ্ধনিৰ্মিত...

কৰ্মচাৰীৰ উদাসীনতাৰ বাবে প্ৰায় ১৪ কোটি টকাৰ আবণ্টন দিয়া হৈছিল। উক্ত প্ৰকল্প আৰম্ভ হোৱা বহু বছৰ পাৰ হ'লেও কাম সম্পূৰ্ণ হোৱা নাই। অৰ্ধনিৰ্মিত অৱস্থাতে পৰি থকা গাঁথনিসমূহ ক্ৰমে জৰাজীৰ্ণ হৈ পৰিছে।

স্থানীয় ৰাইজে অভিযোগ কৰে যে ঠিকাদাৰ প্ৰতিষ্ঠানে বাৰম্বাৰ সময়সীমা উলংঘা কৰিছে আৰু বিভাগে কোনো কঠোৰ ব্যৱস্থা লোৱা নাই। জনপ্ৰতিনিধিসকলে বিধানসভাত এই বিষয়টো উত্থাপন কৰাৰ কথা জনাইছে।

দুৰ্নীতিৰ অভিযোগৰ সন্দৰ্ভত এক উচ্চ পৰ্যায়ৰ তদন্তৰো দাবী উঠিছে। জিলা উপায়ুক্তই প্ৰকল্পৰ স্থিতি পৰ্যালোচনা কৰিবলৈ এখন বৈঠক আহ্বান কৰিছে আৰু সংশ্লিষ্ট বিষয়াসকলক প্ৰতিবেদন দাখিল কৰিবলৈ নিৰ্দেশ দিছে।

প্ৰকল্পটো সম্পূৰ্ণ হ'লে অঞ্চলটোৰ হাজাৰ হাজাৰ লোক উপকৃত হ'ব বুলি আশা কৰা হৈছিল। কিন্তু বৰ্তমান অৱস্থাই ৰাইজৰ মাজত ক্ষোভৰ সৃষ্টি কৰিছে।

কৰ্মচাৰীৰ উদাসীনতাৰ বাবে প্ৰায় ১৪ কোটি টকাৰ আবণ্টন দিয়া হৈছিল। উক্ত প্ৰকল্প আৰম্ভ হোৱা বহু বছৰ পাৰ হ'লেও কাম সম্পূৰ্ণ হোৱা নাই। অৰ্ধনিৰ্মিত অৱস্থাতে পৰি থকা গাঁথনিসমূহ ক্ৰমে জৰাজীৰ্ণ হৈ পৰিছে।

স্থানীয় ৰাইজে অভিযোগ কৰে যে ঠিকাদাৰ প্ৰতিষ্ঠানে বাৰম্বাৰ সময়সীমা উলংঘা কৰিছে আৰু বিভাগে কোনো কঠোৰ ব্যৱস্থা লোৱা নাই। জনপ্ৰতিনিধিসকলে বিধানসভাত এই বিষয়টো উত্থাপন কৰাৰ কথা জনাইছে।

দুৰ্নীতিৰ অভিযোগৰ সন্দৰ্ভত এক উচ্চ পৰ্যায়ৰ তদন্তৰো দাবী উঠিছে। জিলা উপায়ুক্তই প্ৰকল্পৰ স্থিতি পৰ্যালোচনা কৰিবলৈ এখন বৈঠক আহ্বান কৰিছে আৰু সংশ্লিষ্ট বিষয়াসকলক প্ৰতিবেদন দাখিল কৰিবলৈ নিৰ্দেশ দিছে।

গুৱাহাটীলৈ আনিলে...

কিছুমান গোচৰৰ অভিযুক্তসকলক আজি বিশেষ নিৰাপত্তা ব্যৱস্থাৰে গুৱাহাটীলৈ আনা হয়। আৰক্ষীয়ে জনোৱা মতে অভিযুক্তসকলৰ বিৰুদ্ধে কেইবাটাও গুৰুতৰ অভিযোগ আছে আৰু তেওঁলোকক আদালতত হাজিৰ কৰা হ'ব।

তদন্তকাৰী বিষয়াসকলে গোচৰটোৰ লগত জড়িত আন ব্যক্তিৰো সন্ধান চলাইছে। ইয়াৰ বাবে বিভিন্ন ঠাইত অভিযান চলোৱা হৈছে আৰু গুৰুত্বপূৰ্ণ নথি-পত্ৰ জব্দ কৰা হৈছে।

কিছুমান গোচৰৰ অভিযুক্তসকলক আজি বিশেষ নিৰাপত্তা ব্যৱস্থাৰে গুৱাহাটীলৈ আনা হয়। আৰক্ষীয়ে জনোৱা মতে অভিযুক্তসকলৰ বিৰুদ্ধে কেইবাটাও গুৰুতৰ অভিযোগ আছে আৰু তেওঁলোকক আদালতত হাজিৰ কৰা হ'ব।

বৈদ্যনাথ বড়ালৈ...

সাহিত্য ক্ষেত্ৰলৈ আগবঢ়োৱা অনবদ্য অৱদানৰ বাবে বিশিষ্ট লেখক বৈদ্যনাথ বড়াক এইবছৰৰ বিশেষ বঁটা প্ৰদান কৰা হ'ব। বঁটা প্ৰদান সমিতিয়ে এক বিজ্ঞপ্তিযোগে এই কথা জনাইছে।

আগন্তুক মাহত এক বিশেষ অনুষ্ঠানত বঁটাখন প্ৰদান কৰা হ'ব। সাহিত্য মহলে এই সিদ্ধান্তক আদৰণি জনাইছে।

ছয় মাহত বৃদ্ধি...

নগৰখনত পঞ্জীয়নভুক্ত যানবাহনৰ সংখ্যা যোৱা ছয় মাহত উল্লেখযোগ্যভাৱে বৃদ্ধি পাইছে। পৰিবহণ বিভাগৰ তথ্য অনুসৰি এই সময়ছোৱাত হাজাৰ হাজাৰ নতুন যান পঞ্জীয়ন কৰা হৈছে।

ইয়াৰ ফলত চহৰৰ ৰাস্তাত যান-জঁটৰ সমস্যা অধিক তীব্ৰ হৈ পৰিছে। বিশেষজ্ঞসকলে ৰাজহুৱা পৰিবহণ ব্যৱস্থা শক্তিশালী কৰাৰ পৰামৰ্শ দিছে।
